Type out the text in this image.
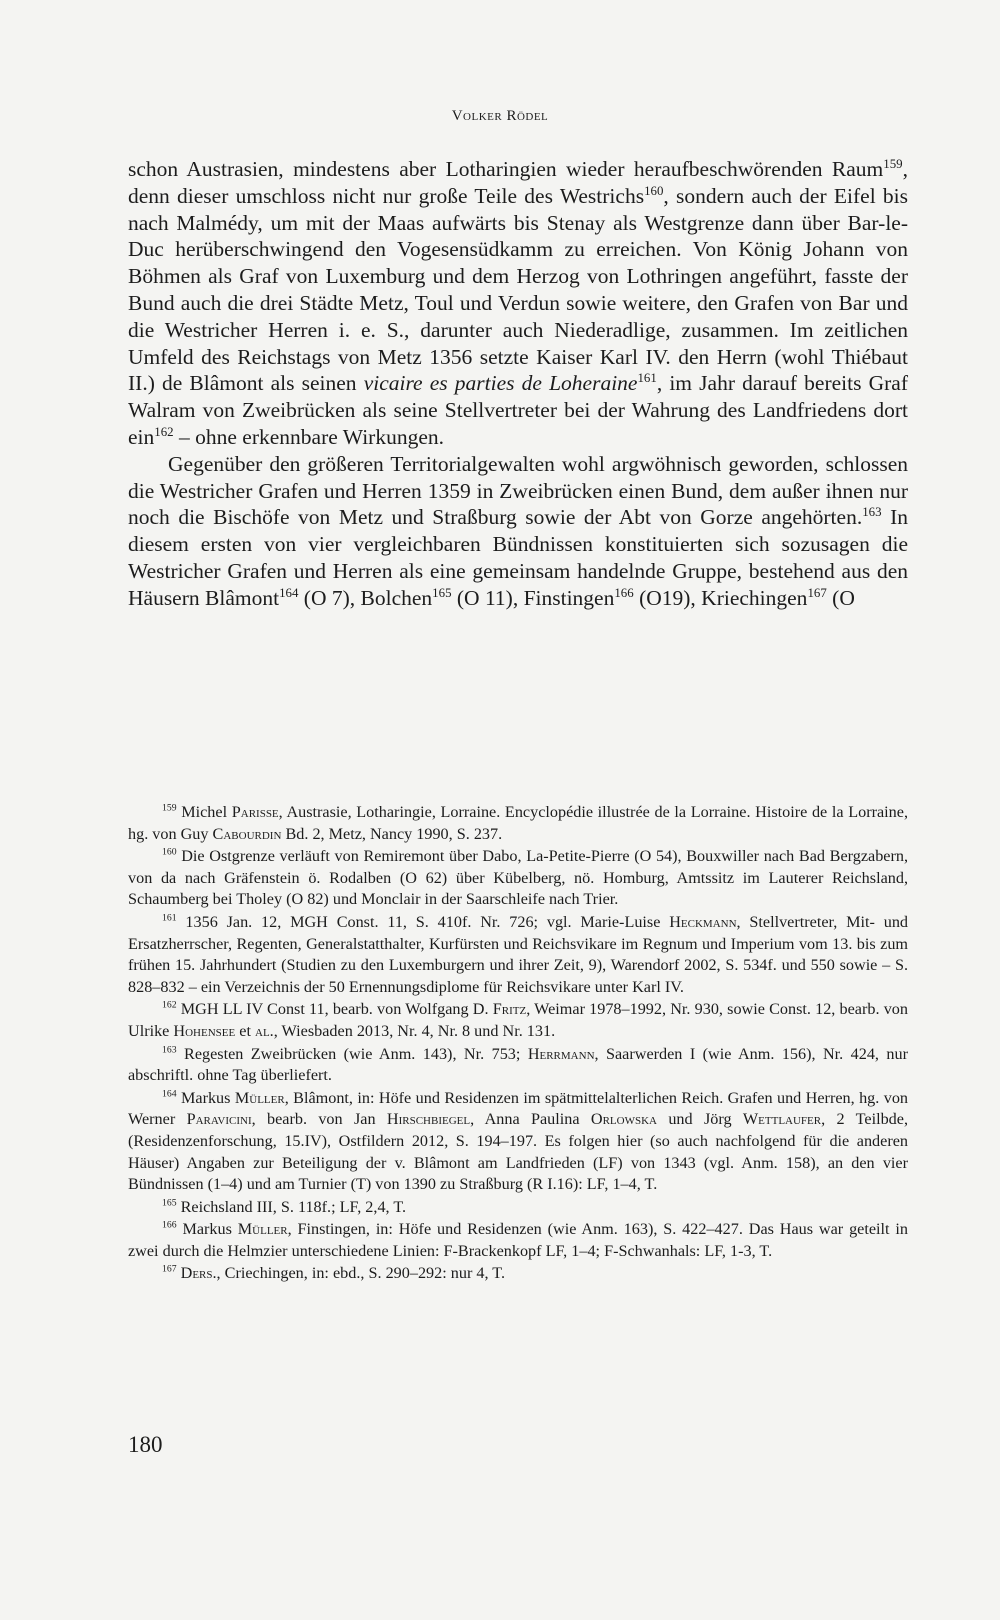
Volker Rödel

schon Austrasien, mindestens aber Lotharingien wieder heraufbeschwörenden Raum$^{159}$, denn dieser umschloss nicht nur große Teile des Westrichs$^{160}$, sondern auch der Eifel bis nach Malmédy, um mit der Maas aufwärts bis Stenay als Westgrenze dann über Bar-le-Duc herüberschwingend den Vogesensüdkamm zu erreichen. Von König Johann von Böhmen als Graf von Luxemburg und dem Herzog von Lothringen angeführt, fasste der Bund auch die drei Städte Metz, Toul und Verdun sowie weitere, den Grafen von Bar und die Westricher Herren i. e. S., darunter auch Niederadlige, zusammen. Im zeitlichen Umfeld des Reichstags von Metz 1356 setzte Kaiser Karl IV. den Herrn (wohl Thiébaut II.) de Blâmont als seinen vicaire es parties de Loheraine$^{161}$, im Jahr darauf bereits Graf Walram von Zweibrücken als seine Stellvertreter bei der Wahrung des Landfriedens dort ein$^{162}$ – ohne erkennbare Wirkungen.

Gegenüber den größeren Territorialgewalten wohl argwöhnisch geworden, schlossen die Westricher Grafen und Herren 1359 in Zweibrücken einen Bund, dem außer ihnen nur noch die Bischöfe von Metz und Straßburg sowie der Abt von Gorze angehörten.$^{163}$ In diesem ersten von vier vergleichbaren Bündnissen konstituierten sich sozusagen die Westricher Grafen und Herren als eine gemeinsam handelnde Gruppe, bestehend aus den Häusern Blâmont$^{164}$ (O 7), Bolchen$^{165}$ (O 11), Finstingen$^{166}$ (O19), Kriechingen$^{167}$ (O

$^{159}$ Michel Parisse, Austrasie, Lotharingie, Lorraine. Encyclopédie illustrée de la Lorraine. Histoire de la Lorraine, hg. von Guy Cabourdin Bd. 2, Metz, Nancy 1990, S. 237.

$^{160}$ Die Ostgrenze verläuft von Remiremont über Dabo, La-Petite-Pierre (O 54), Bouxwiller nach Bad Bergzabern, von da nach Gräfenstein ö. Rodalben (O 62) über Kübelberg, nö. Homburg, Amtssitz im Lauterer Reichsland, Schaumberg bei Tholey (O 82) und Monclair in der Saarschleife nach Trier.

$^{161}$ 1356 Jan. 12, MGH Const. 11, S. 410f. Nr. 726; vgl. Marie-Luise Heckmann, Stellvertreter, Mit- und Ersatzherrscher, Regenten, Generalstatthalter, Kurfürsten und Reichsvikare im Regnum und Imperium vom 13. bis zum frühen 15. Jahrhundert (Studien zu den Luxemburgern und ihrer Zeit, 9), Warendorf 2002, S. 534f. und 550 sowie – S. 828–832 – ein Verzeichnis der 50 Ernennungsdiplome für Reichsvikare unter Karl IV.

$^{162}$ MGH LL IV Const 11, bearb. von Wolfgang D. Fritz, Weimar 1978–1992, Nr. 930, sowie Const. 12, bearb. von Ulrike Hohensee et al., Wiesbaden 2013, Nr. 4, Nr. 8 und Nr. 131.

$^{163}$ Regesten Zweibrücken (wie Anm. 143), Nr. 753; Herrmann, Saarwerden I (wie Anm. 156), Nr. 424, nur abschriftl. ohne Tag überliefert.

$^{164}$ Markus Müller, Blâmont, in: Höfe und Residenzen im spätmittelalterlichen Reich. Grafen und Herren, hg. von Werner Paravicini, bearb. von Jan Hirschbiegel, Anna Paulina Orlowska und Jörg Wettlaufer, 2 Teilbde, (Residenzenforschung, 15.IV), Ostfildern 2012, S. 194–197. Es folgen hier (so auch nachfolgend für die anderen Häuser) Angaben zur Beteiligung der v. Blâmont am Landfrieden (LF) von 1343 (vgl. Anm. 158), an den vier Bündnissen (1–4) und am Turnier (T) von 1390 zu Straßburg (R I.16): LF, 1–4, T.

$^{165}$ Reichsland III, S. 118f.; LF, 2,4, T.

$^{166}$ Markus Müller, Finstingen, in: Höfe und Residenzen (wie Anm. 163), S. 422–427. Das Haus war geteilt in zwei durch die Helmzier unterschiedene Linien: F-Brackenkopf LF, 1–4; F-Schwanhals: LF, 1-3, T.

$^{167}$ Ders., Criechingen, in: ebd., S. 290–292: nur 4, T.

180
